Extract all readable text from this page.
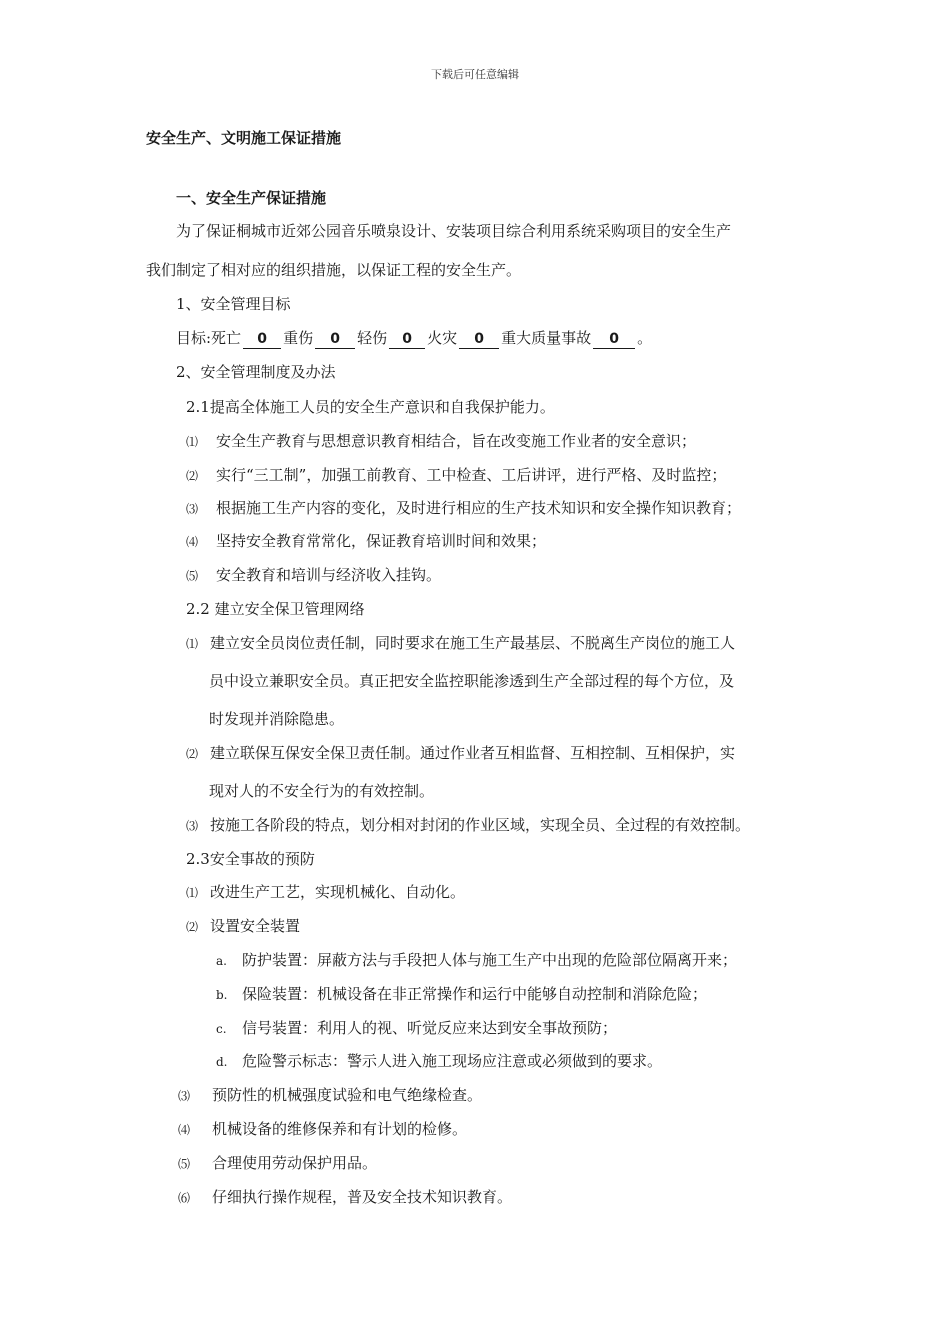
下载后可任意编辑
安全生产、文明施工保证措施
一、安全生产保证措施
为了保证桐城市近郊公园音乐喷泉设计、安装项目综合利用系统采购项目的安全生产
我们制定了相对应的组织措施，以保证工程的安全生产。
1、安全管理目标
目标:死亡 0 重伤 0 轻伤 0 火灾 0 重大质量事故 0 。
2、安全管理制度及办法
2.1提高全体施工人员的安全生产意识和自我保护能力。
⑴ 安全生产教育与思想意识教育相结合，旨在改变施工作业者的安全意识；
⑵ 实行“三工制”，加强工前教育、工中检查、工后讲评，进行严格、及时监控；
⑶ 根据施工生产内容的变化，及时进行相应的生产技术知识和安全操作知识教育；
⑷ 坚持安全教育常常化，保证教育培训时间和效果；
⑸ 安全教育和培训与经济收入挂钩。
2.2 建立安全保卫管理网络
⑴ 建立安全员岗位责任制，同时要求在施工生产最基层、不脱离生产岗位的施工人
员中设立兼职安全员。真正把安全监控职能渗透到生产全部过程的每个方位，及
时发现并消除隐患。
⑵ 建立联保互保安全保卫责任制。通过作业者互相监督、互相控制、互相保护，实
现对人的不安全行为的有效控制。
⑶ 按施工各阶段的特点，划分相对封闭的作业区域，实现全员、全过程的有效控制。
2.3安全事故的预防
⑴ 改进生产工艺，实现机械化、自动化。
⑵ 设置安全装置
a. 防护装置：屏蔽方法与手段把人体与施工生产中出现的危险部位隔离开来；
b. 保险装置：机械设备在非正常操作和运行中能够自动控制和消除危险；
c. 信号装置：利用人的视、听觉反应来达到安全事故预防；
d. 危险警示标志：警示人进入施工现场应注意或必须做到的要求。
⑶ 预防性的机械强度试验和电气绝缘检查。
⑷ 机械设备的维修保养和有计划的检修。
⑸ 合理使用劳动保护用品。
⑹ 仔细执行操作规程，普及安全技术知识教育。
